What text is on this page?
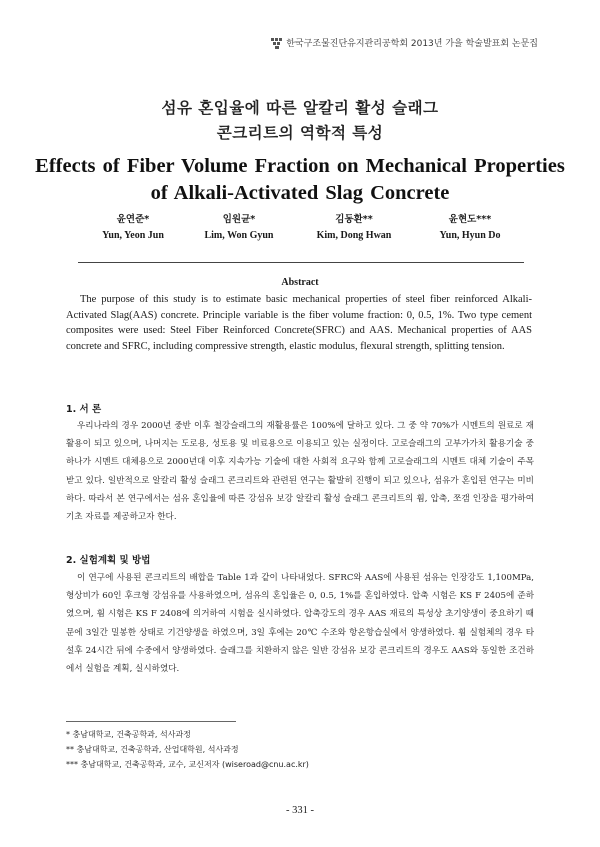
한국구조물진단유지관리공학회 2013년 가을 학술발표회 논문집
섬유 혼입율에 따른 알칼리 활성 슬래그
콘크리트의 역학적 특성
Effects of Fiber Volume Fraction on Mechanical Properties
of Alkali-Activated Slag Concrete
윤연준*
Yun, Yeon Jun
임원균*
Lim, Won Gyun
김동환**
Kim, Dong Hwan
윤현도***
Yun, Hyun Do
Abstract
The purpose of this study is to estimate basic mechanical properties of steel fiber reinforced Alkali-Activated Slag(AAS) concrete. Principle variable is the fiber volume fraction: 0, 0.5, 1%. Two type cement composites were used: Steel Fiber Reinforced Concrete(SFRC) and AAS. Mechanical properties of AAS concrete and SFRC, including compressive strength, elastic modulus, flexural strength, splitting tension.
1. 서 론
우리나라의 경우 2000년 중반 이후 철강슬래그의 재활용률은 100%에 달하고 있다. 그 중 약 70%가 시멘트의 원료로 재활용이 되고 있으며, 나머지는 도로용, 성토용 및 비료용으로 이용되고 있는 실정이다. 고로슬래그의 고부가가치 활용기술 중 하나가 시멘트 대체용으로 2000년대 이후 지속가능 기술에 대한 사회적 요구와 함께 고로슬래그의 시멘트 대체 기술이 주목받고 있다. 일반적으로 알칼리 활성 슬래그 콘크리트와 관련된 연구는 활발히 진행이 되고 있으나, 섬유가 혼입된 연구는 미비하다. 따라서 본 연구에서는 섬유 혼입율에 따른 강섬유 보강 알칼리 활성 슬래그 콘크리트의 휨, 압축, 쪼갬 인장을 평가하여 기초 자료를 제공하고자 한다.
2. 실험계획 및 방법
이 연구에 사용된 콘크리트의 배합을 Table 1과 같이 나타내었다. SFRC와 AAS에 사용된 섬유는 인장강도 1,100MPa, 형상비가 60인 후크형 강섬유를 사용하였으며, 섬유의 혼입율은 0, 0.5, 1%를 혼입하였다. 압축 시험은 KS F 2405에 준하였으며, 휨 시험은 KS F 2408에 의거하여 시험을 실시하였다. 압축강도의 경우 AAS 재료의 특성상 초기양생이 중요하기 때문에 3일간 밀봉한 상태로 기건양생을 하였으며, 3일 후에는 20℃ 수조와 항온항습실에서 양생하였다. 휨 실험체의 경우 타설후 24시간 뒤에 수중에서 양생하였다. 슬래그를 치환하지 않은 일반 강섬유 보강 콘크리트의 경우도 AAS와 동일한 조건하에서 실험을 계획, 실시하였다.
* 충남대학교, 건축공학과, 석사과정
** 충남대학교, 건축공학과, 산업대학원, 석사과정
*** 충남대학교, 건축공학과, 교수, 교신저자 (wiseroad@cnu.ac.kr)
- 331 -
